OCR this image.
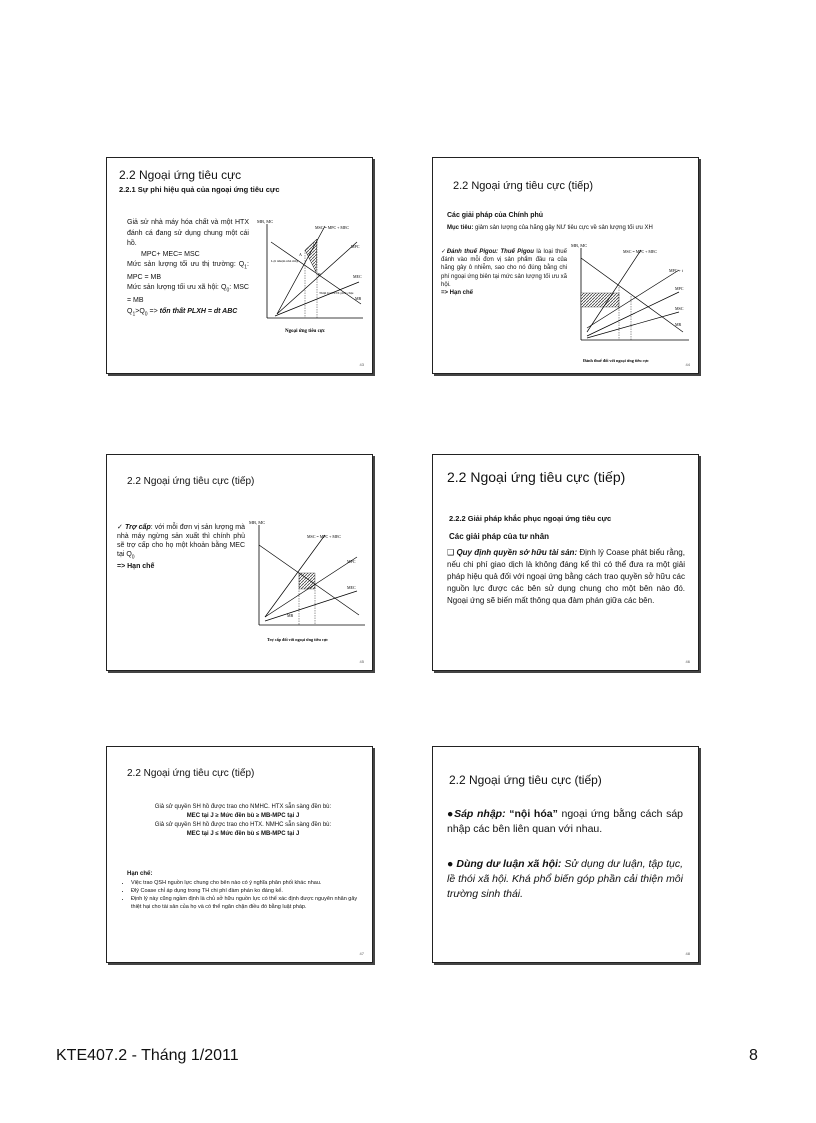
2.2 Ngoại ứng tiêu cực
2.2.1 Sự phi hiệu quả của ngoại ứng tiêu cực
Giả sử nhà máy hóa chất và một HTX đánh cá đang sử dụng chung một cái hồ.
MPC+ MEC= MSC
Mức sản lượng tối ưu thị trường: $Q_1$: MPC = MB
Mức sản lượng tối ưu xã hội: $Q_0$: MSC = MB
$Q_1>Q_0$ => tổn thất PLXH = dt ABC
MB, MC
MSC = MPC + MEC
MPC
MEC
MB
C
A
B
Lợi nhuận nhà máy
Thiệt hại HTX phải chịu
Ngoại ứng tiêu cực
43
2.2 Ngoại ứng tiêu cực (tiếp)
Các giải pháp của Chính phủ
Mục tiêu: giảm sản lượng của hãng gây NƯ tiêu cực về sản lượng tối ưu XH
✓Đánh thuế Pigou: Thuế Pigou là loại thuế đánh vào mỗi đơn vị sản phẩm đầu ra của hãng gây ô nhiễm, sao cho nó đúng bằng chi phí ngoại ứng biên tại mức sản lượng tối ưu xã hội.
=> Hạn chế
MB, MC
MSC = MPC + MEC
MPC + t
MPC
MSC
MR
Đánh thuế đối với ngoại ứng tiêu cực
44
2.2 Ngoại ứng tiêu cực (tiếp)
✓ Trợ cấp: với mỗi đơn vị sản lượng mà nhà máy ngừng sản xuất thì chính phủ sẽ trợ cấp cho họ một khoản bằng MEC tại $Q_0$
=> Hạn chế
MB, MC
MSC = MPC + MEC
MPC
MEC
MB
Trợ cấp đối với ngoại ứng tiêu cực
45
2.2 Ngoại ứng tiêu cực (tiếp)
2.2.2 Giải pháp khắc phục ngoại ứng tiêu cực
Các giải pháp của tư nhân
❑ Quy định quyền sở hữu tài sản: Định lý Coase phát biểu rằng, nếu chi phí giao dịch là không đáng kể thì có thể đưa ra một giải pháp hiệu quả đối với ngoại ứng bằng cách trao quyền sở hữu các nguồn lực được các bên sử dụng chung cho một bên nào đó. Ngoại ứng sẽ biến mất thông qua đàm phán giữa các bên.
46
2.2 Ngoại ứng tiêu cực (tiếp)
Giả sử quyền SH hồ được trao cho NMHC. HTX sẵn sàng đền bù:
MEC tại J ≥ Mức đền bù ≥ MB-MPC tại J
Giả sử quyền SH hồ được trao cho HTX. NMHC sẵn sàng đền bù:
MEC tại J ≤ Mức đền bù ≤ MB-MPC tại J
Hạn chế:
• Việc trao QSH nguồn lực chung cho bên nào có ý nghĩa phân phối khác nhau.
• Đlý Coase chỉ áp dụng trong TH chi phí đàm phán ko đáng kể.
• Định lý này cũng ngầm định là chủ sở hữu nguồn lực có thể xác định được nguyên nhân gây thiệt hại cho tài sản của họ và có thể ngăn chặn điều đó bằng luật pháp.
47
2.2 Ngoại ứng tiêu cực (tiếp)
●Sáp nhập: “nội hóa” ngoại ứng bằng cách sáp nhập các bên liên quan với nhau.
● Dùng dư luận xã hội: Sử dụng dư luận, tập tục, lề thói xã hội. Khá phổ biến góp phần cải thiện môi trường sinh thái.
48
KTE407.2 - Tháng 1/2011	8
